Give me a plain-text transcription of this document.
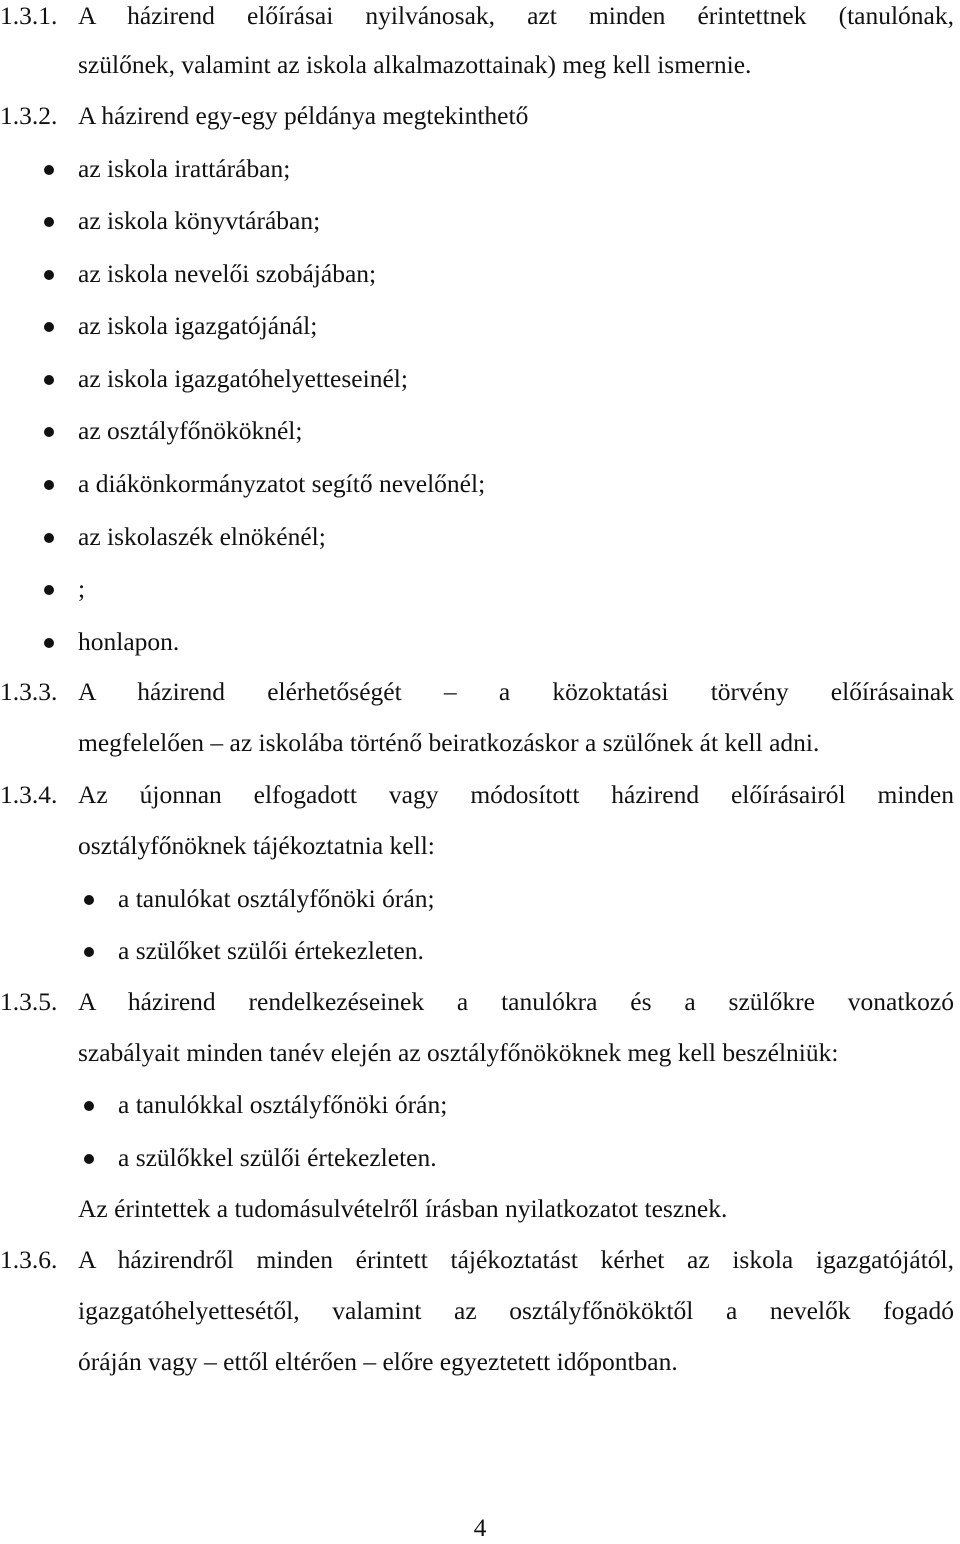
1.3.1. A házirend előírásai nyilvánosak, azt minden érintettnek (tanulónak,
szülőnek, valamint az iskola alkalmazottainak) meg kell ismernie.
1.3.2. A házirend egy-egy példánya megtekinthető
az iskola irattárában;
az iskola könyvtárában;
az iskola nevelői szobájában;
az iskola igazgatójánál;
az iskola igazgatóhelyetteseinél;
az osztályfőnököknél;
a diákönkormányzatot segítő nevelőnél;
az iskolaszék elnökénél;
;
honlapon.
1.3.3. A házirend elérhetőségét – a közoktatási törvény előírásainak
megfelelően – az iskolába történő beiratkozáskor a szülőnek át kell adni.
1.3.4. Az újonnan elfogadott vagy módosított házirend előírásairól minden
osztályfőnöknek tájékoztatnia kell:
a tanulókat osztályfőnöki órán;
a szülőket szülői értekezleten.
1.3.5. A házirend rendelkezéseinek a tanulókra és a szülőkre vonatkozó
szabályait minden tanév elején az osztályfőnököknek meg kell beszélniük:
a tanulókkal osztályfőnöki órán;
a szülőkkel szülői értekezleten.
Az érintettek a tudomásulvételről írásban nyilatkozatot tesznek.
1.3.6. A házirendről minden érintett tájékoztatást kérhet az iskola igazgatójától,
igazgatóhelyettesétől, valamint az osztályfőnököktől a nevelők fogadó
óráján vagy – ettől eltérően – előre egyeztetett időpontban.
4
